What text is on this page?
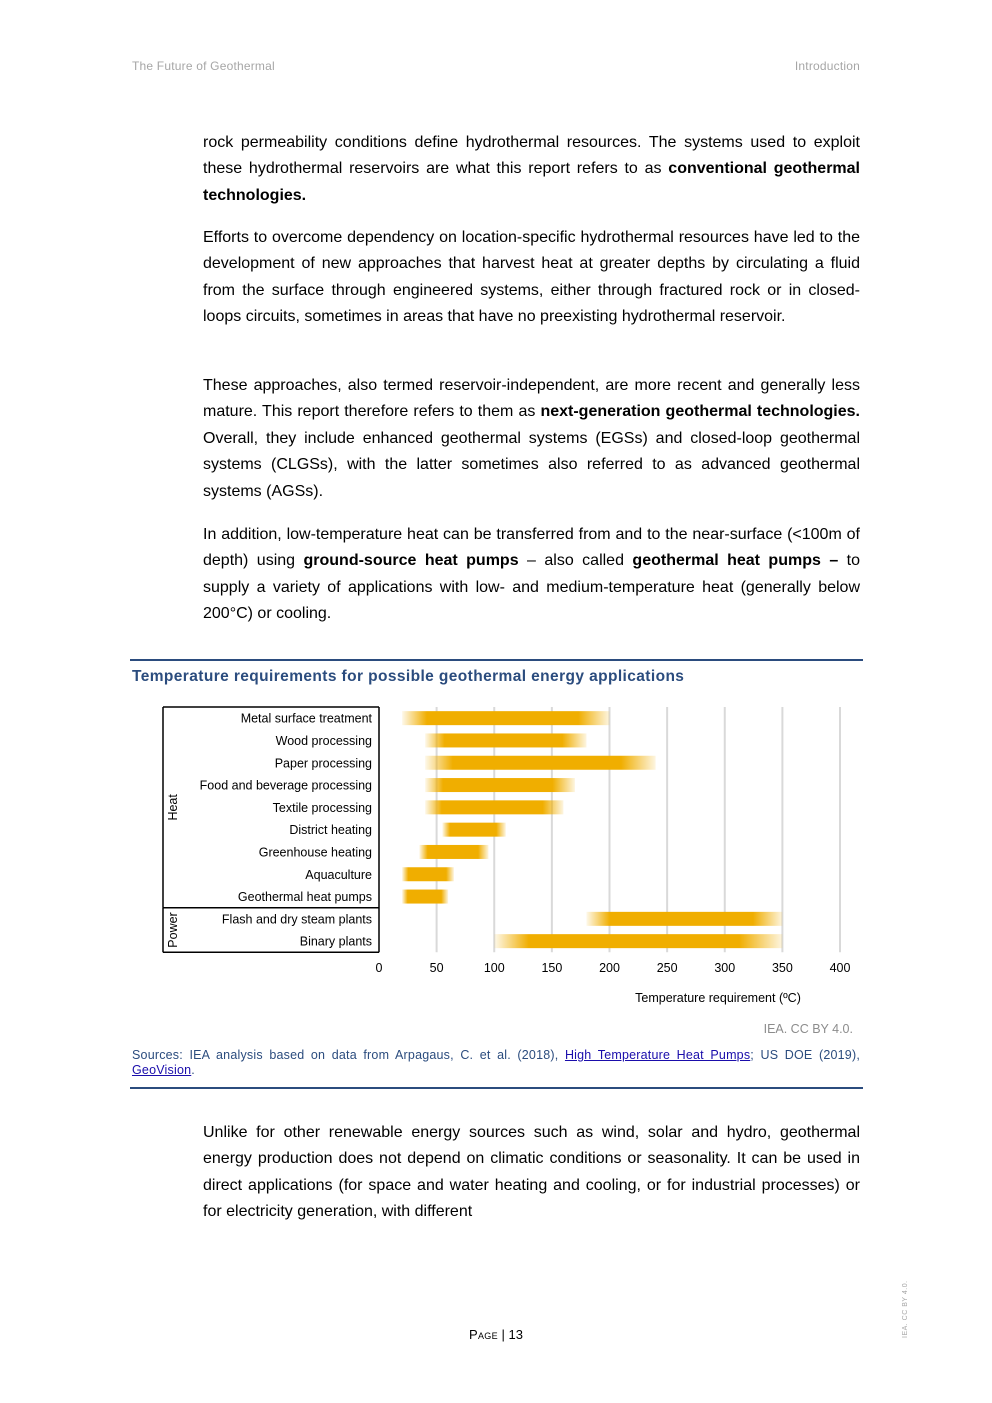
The Future of Geothermal	Introduction

rock permeability conditions define hydrothermal resources. The systems used to exploit these hydrothermal reservoirs are what this report refers to as conventional geothermal technologies.

Efforts to overcome dependency on location-specific hydrothermal resources have led to the development of new approaches that harvest heat at greater depths by circulating a fluid from the surface through engineered systems, either through fractured rock or in closed-loops circuits, sometimes in areas that have no preexisting hydrothermal reservoir.

These approaches, also termed reservoir-independent, are more recent and generally less mature. This report therefore refers to them as next-generation geothermal technologies. Overall, they include enhanced geothermal systems (EGSs) and closed-loop geothermal systems (CLGSs), with the latter sometimes also referred to as advanced geothermal systems (AGSs).

In addition, low-temperature heat can be transferred from and to the near-surface (<100m of depth) using ground-source heat pumps – also called geothermal heat pumps – to supply a variety of applications with low- and medium-temperature heat (generally below 200°C) or cooling.

Temperature requirements for possible geothermal energy applications
Metal surface treatment
Wood processing
Paper processing
Food and beverage processing
Textile processing
District heating
Greenhouse heating
Aquaculture
Geothermal heat pumps
Flash and dry steam plants
Binary plants
Heat
Power
0	50	100	150	200	250	300	350	400
Temperature requirement (ºC)
IEA. CC BY 4.0.
Sources: IEA analysis based on data from Arpagaus, C. et al. (2018), High Temperature Heat Pumps; US DOE (2019), GeoVision.

Unlike for other renewable energy sources such as wind, solar and hydro, geothermal energy production does not depend on climatic conditions or seasonality. It can be used in direct applications (for space and water heating and cooling, or for industrial processes) or for electricity generation, with different

Page | 13	IEA. CC BY 4.0.
